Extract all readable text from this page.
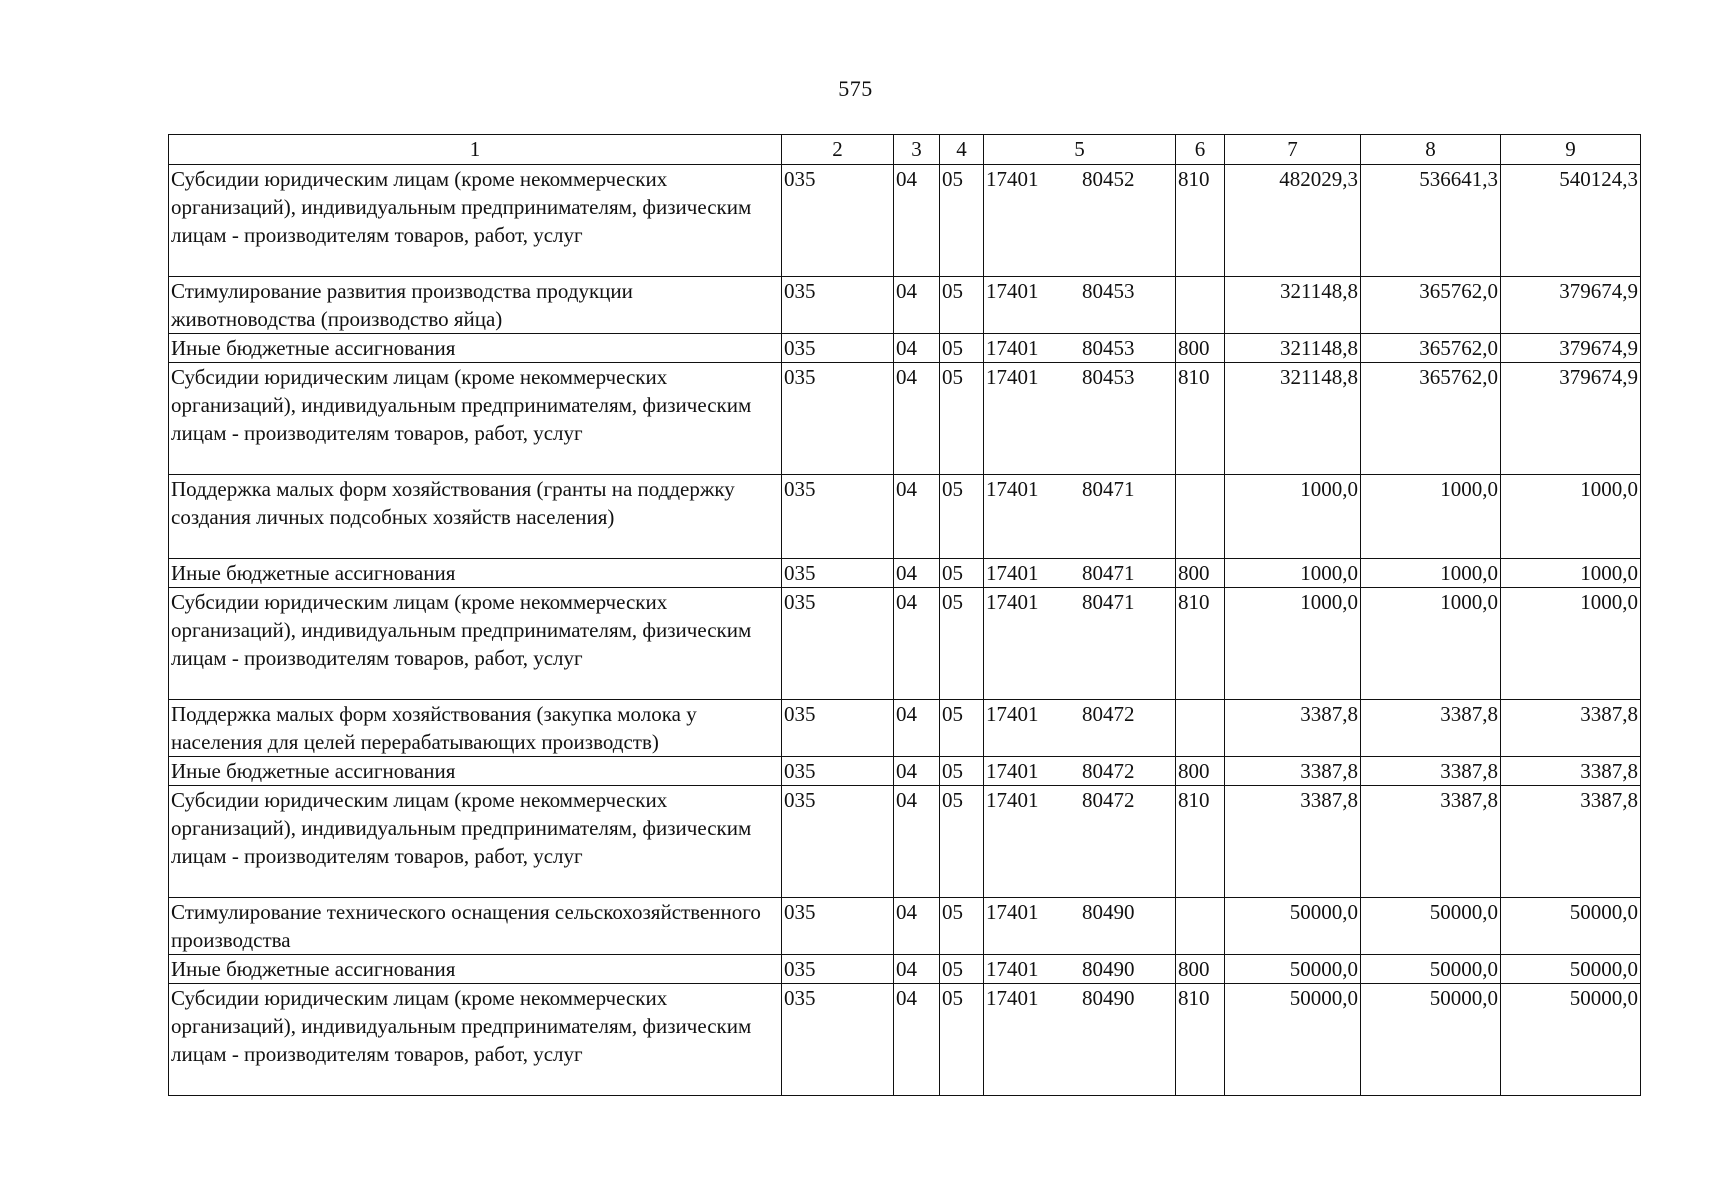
575
1	2	3	4	5	6	7	8	9
Субсидии юридическим лицам (кроме некоммерческих организаций), индивидуальным предпринимателям, физическим лицам - производителям товаров, работ, услуг	035	04	05	17401 80452	810	482029,3	536641,3	540124,3
Стимулирование развития производства продукции животноводства (производство яйца)	035	04	05	17401 80453		321148,8	365762,0	379674,9
Иные бюджетные ассигнования	035	04	05	17401 80453	800	321148,8	365762,0	379674,9
Субсидии юридическим лицам (кроме некоммерческих организаций), индивидуальным предпринимателям, физическим лицам - производителям товаров, работ, услуг	035	04	05	17401 80453	810	321148,8	365762,0	379674,9
Поддержка малых форм хозяйствования (гранты на поддержку создания личных подсобных хозяйств населения)	035	04	05	17401 80471		1000,0	1000,0	1000,0
Иные бюджетные ассигнования	035	04	05	17401 80471	800	1000,0	1000,0	1000,0
Субсидии юридическим лицам (кроме некоммерческих организаций), индивидуальным предпринимателям, физическим лицам - производителям товаров, работ, услуг	035	04	05	17401 80471	810	1000,0	1000,0	1000,0
Поддержка малых форм хозяйствования (закупка молока у населения для целей перерабатывающих производств)	035	04	05	17401 80472		3387,8	3387,8	3387,8
Иные бюджетные ассигнования	035	04	05	17401 80472	800	3387,8	3387,8	3387,8
Субсидии юридическим лицам (кроме некоммерческих организаций), индивидуальным предпринимателям, физическим лицам - производителям товаров, работ, услуг	035	04	05	17401 80472	810	3387,8	3387,8	3387,8
Стимулирование технического оснащения сельскохозяйственного производства	035	04	05	17401 80490		50000,0	50000,0	50000,0
Иные бюджетные ассигнования	035	04	05	17401 80490	800	50000,0	50000,0	50000,0
Субсидии юридическим лицам (кроме некоммерческих организаций), индивидуальным предпринимателям, физическим лицам - производителям товаров, работ, услуг	035	04	05	17401 80490	810	50000,0	50000,0	50000,0
